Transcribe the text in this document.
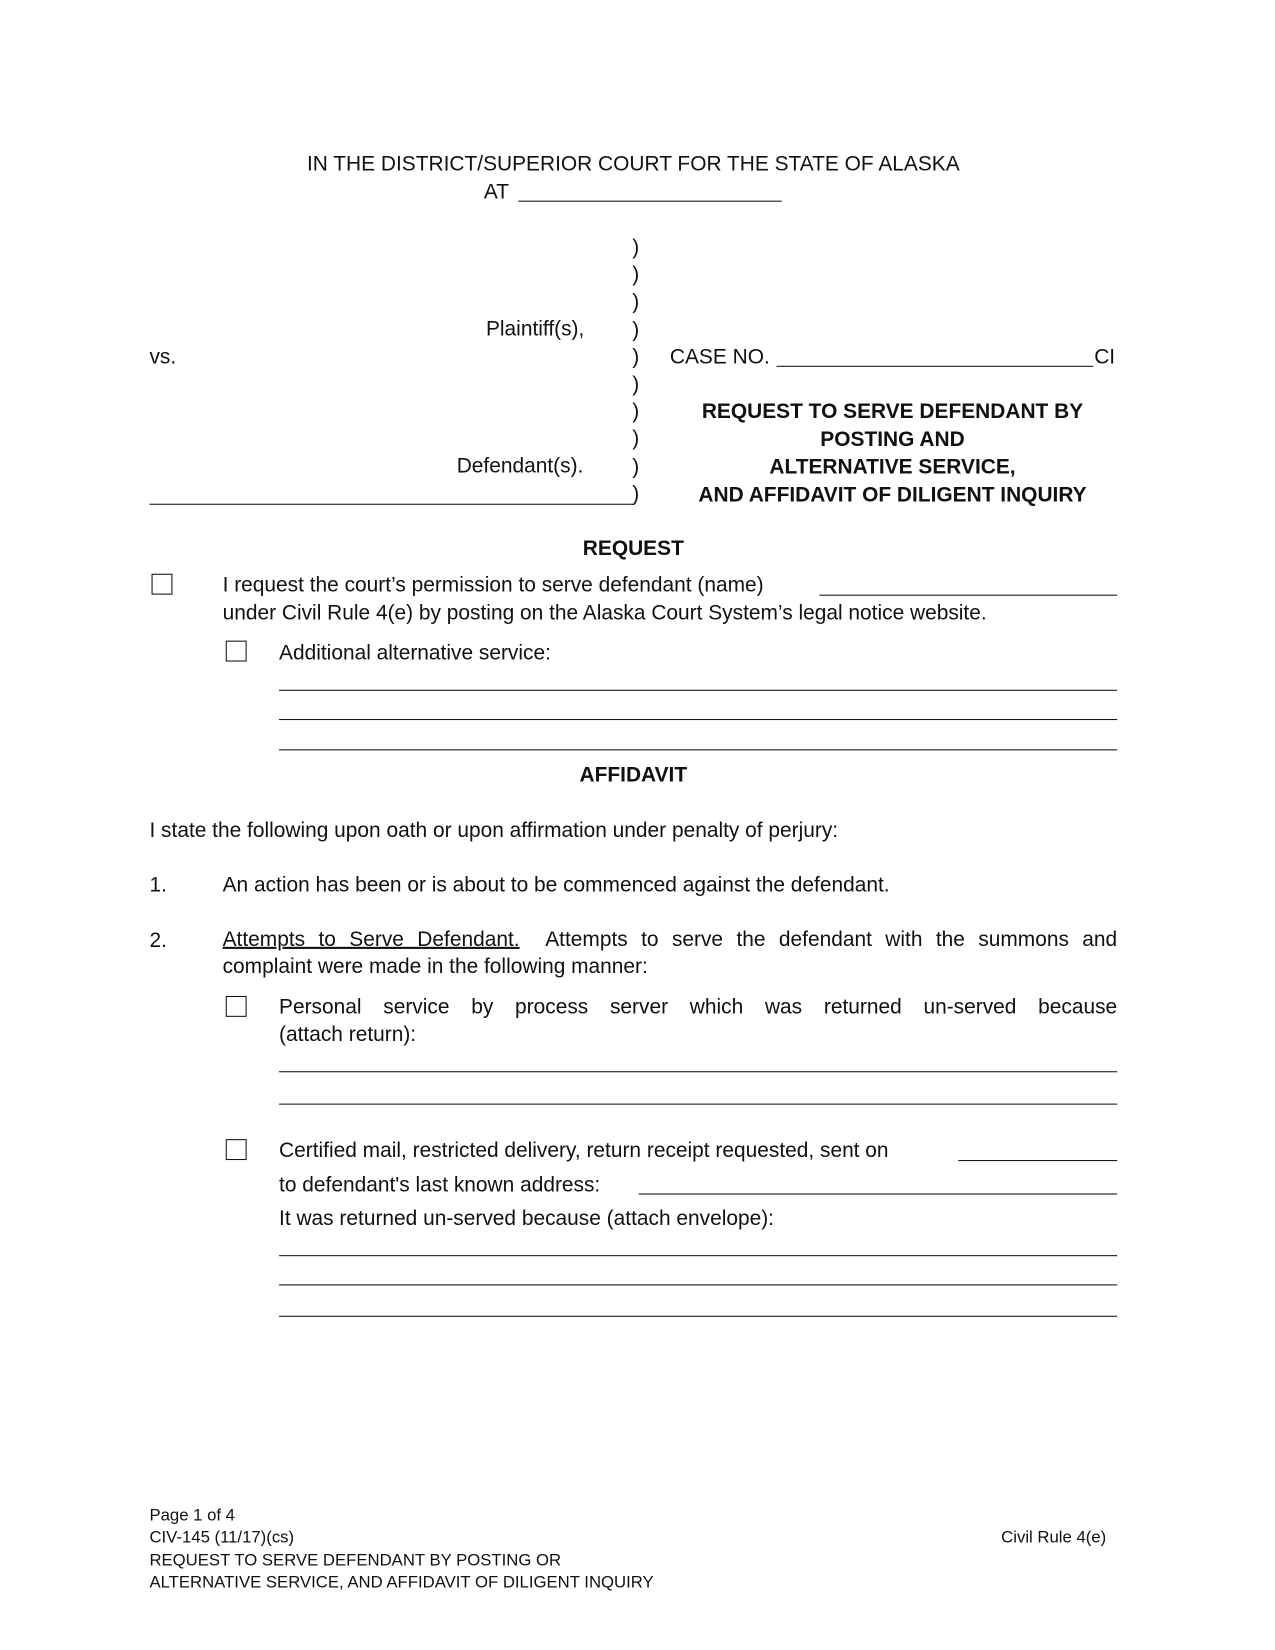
IN THE DISTRICT/SUPERIOR COURT FOR THE STATE OF ALASKA
AT
)
)
)
)
)
)
)
)
)
)
Plaintiff(s),
vs.
Defendant(s).
CASE NO.	CI
REQUEST TO SERVE DEFENDANT BY
POSTING AND
ALTERNATIVE SERVICE,
AND AFFIDAVIT OF DILIGENT INQUIRY
REQUEST
I request the court’s permission to serve defendant (name)
under Civil Rule 4(e) by posting on the Alaska Court System’s legal notice website.
Additional alternative service:
AFFIDAVIT
I state the following upon oath or upon affirmation under penalty of perjury:
1.	An action has been or is about to be commenced against the defendant.
2.	Attempts to Serve Defendant. Attempts to serve the defendant with the summons and
complaint were made in the following manner:
Personal service by process server which was returned un-served because
(attach return):
Certified mail, restricted delivery, return receipt requested, sent on
to defendant's last known address:
It was returned un-served because (attach envelope):
Page 1 of 4
CIV-145 (11/17)(cs)
REQUEST TO SERVE DEFENDANT BY POSTING OR
ALTERNATIVE SERVICE, AND AFFIDAVIT OF DILIGENT INQUIRY
Civil Rule 4(e)
